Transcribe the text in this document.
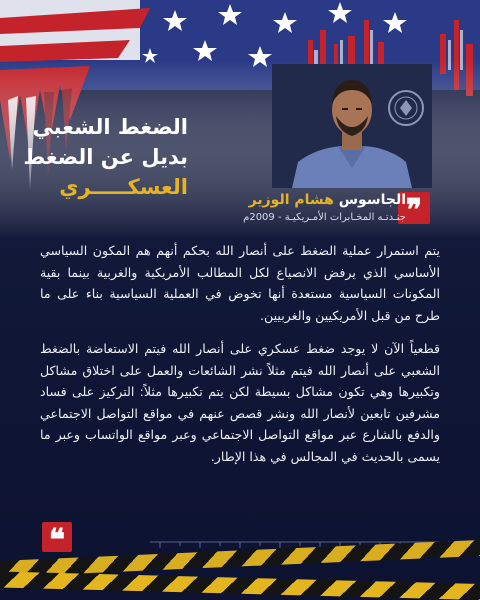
الضغط الشعبي
بديل عن الضغط
العسكـــــري
❞
الجاسوس هشام الوزير
جنـدتـه المخـابرات الأمـريكيـة - 2009م

يتم استمرار عملية الضغط على أنصار الله بحكم أنهم هم المكون السياسي الأساسي الذي يرفض الانصياع لكل المطالب الأمريكية والغربية بينما بقية المكونات السياسية مستعدة أنها تخوض في العملية السياسية بناء على ما طرح من قبل الأمريكيين والغربيين.

قطعياً الآن لا يوجد ضغط عسكري على أنصار الله فيتم الاستعاضة بالضغط الشعبي على أنصار الله فيتم مثلاً نشر الشائعات والعمل على اختلاق مشاكل وتكبيرها وهي تكون مشاكل بسيطة لكن يتم تكبيرها مثلاً: التركيز على فساد مشرفين تابعين لأنصار الله ونشر قصص عنهم في مواقع التواصل الاجتماعي والدفع بالشارع عبر مواقع التواصل الاجتماعي وعبر مواقع الواتساب وعبر ما يسمى بالحديث في المجالس في هذا الإطار.

❝
